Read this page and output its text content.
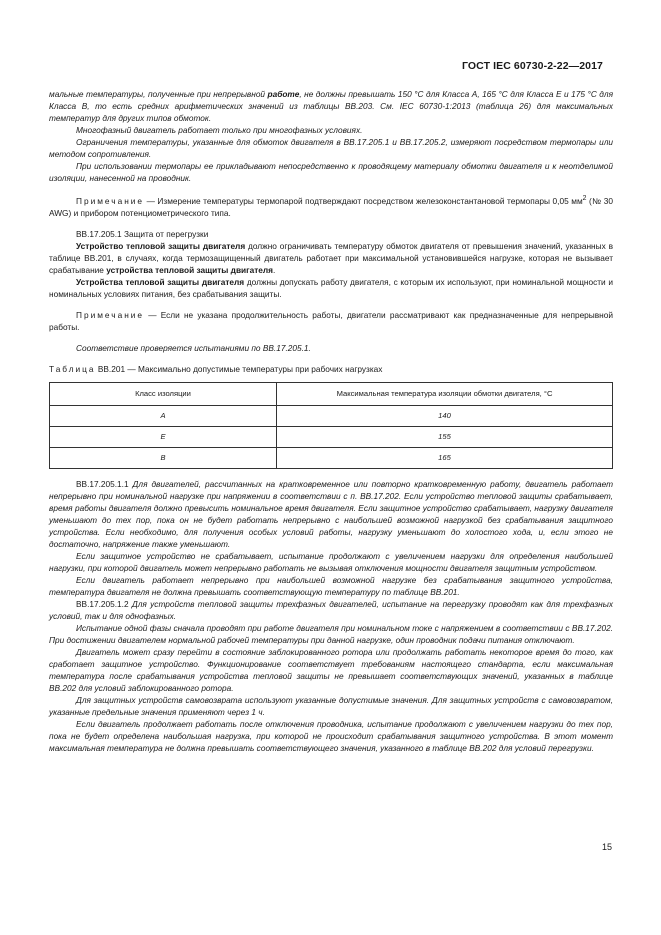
ГОСТ IEC 60730-2-22—2017

мальные температуры, полученные при непрерывной работе, не должны превышать 150 °С для Класса А, 165 °С для Класса Е и 175 °С для Класса В, то есть средних арифметических значений из таблицы ВВ.203. См. IEC 60730-1:2013 (таблица 26) для максимальных температур для других типов обмоток.

Многофазный двигатель работает только при многофазных условиях.

Ограничения температуры, указанные для обмоток двигателя в ВВ.17.205.1 и ВВ.17.205.2, измеряют посредством термопары или методом сопротивления.

При использовании термопары ее прикладывают непосредственно к проводящему материалу обмотки двигателя и к неотделимой изоляции, нанесенной на проводник.

Примечание — Измерение температуры термопарой подтверждают посредством железоконстантановой термопары 0,05 $мм^2$ (№ 30 AWG) и прибором потенциометрического типа.

ВВ.17.205.1 Защита от перегрузки

Устройство тепловой защиты двигателя должно ограничивать температуру обмоток двигателя от превышения значений, указанных в таблице ВВ.201, в случаях, когда термозащищенный двигатель работает при максимальной установившейся нагрузке, которая не вызывает срабатывание устройства тепловой защиты двигателя.

Устройства тепловой защиты двигателя должны допускать работу двигателя, с которым их используют, при номинальной мощности и номинальных условиях питания, без срабатывания защиты.

Примечание — Если не указана продолжительность работы, двигатели рассматривают как предназначенные для непрерывной работы.

Соответствие проверяется испытаниями по ВВ.17.205.1.

Таблица ВВ.201 — Максимально допустимые температуры при рабочих нагрузках

Класс изоляции	Максимальная температура изоляции обмотки двигателя, °С
А	140
Е	155
В	165

ВВ.17.205.1.1 Для двигателей, рассчитанных на кратковременное или повторно кратковременную работу, двигатель работает непрерывно при номинальной нагрузке при напряжении в соответствии с п. ВВ.17.202. Если устройство тепловой защиты срабатывает, время работы двигателя должно превысить номинальное время двигателя. Если защитное устройство срабатывает, нагрузку двигателя уменьшают до тех пор, пока он не будет работать непрерывно с наибольшей возможной нагрузкой без срабатывания защитного устройства. Если необходимо, для получения особых условий работы, нагрузку уменьшают до холостого хода, и, если этого не достаточно, напряжение также уменьшают.

Если защитное устройство не срабатывает, испытание продолжают с увеличением нагрузки для определения наибольшей нагрузки, при которой двигатель может непрерывно работать не вызывая отключения мощности двигателя защитным устройством.

Если двигатель работает непрерывно при наибольшей возможной нагрузке без срабатывания защитного устройства, температура двигателя не должна превышать соответствующую температуру по таблице ВВ.201.

ВВ.17.205.1.2 Для устройств тепловой защиты трехфазных двигателей, испытание на перегрузку проводят как для трехфазных условий, так и для однофазных.

Испытание одной фазы сначала проводят при работе двигателя при номинальном токе с напряжением в соответствии с ВВ.17.202. При достижении двигателем нормальной рабочей температуры при данной нагрузке, один проводник подачи питания отключают.

Двигатель может сразу перейти в состояние заблокированного ротора или продолжать работать некоторое время до того, как сработает защитное устройство. Функционирование соответствует требованиям настоящего стандарта, если максимальная температура после срабатывания устройства тепловой защиты не превышает соответствующих значений, указанных в таблице ВВ.202 для условий заблокированного ротора.

Для защитных устройств самовозврата используют указанные допустимые значения. Для защитных устройств с самовозвратом, указанные предельные значения применяют через 1 ч.

Если двигатель продолжает работать после отключения проводника, испытание продолжают с увеличением нагрузки до тех пор, пока не будет определена наибольшая нагрузка, при которой не происходит срабатывания защитного устройства. В этот момент максимальная температура не должна превышать соответствующего значения, указанного в таблице ВВ.202 для условий перегрузки.

15
